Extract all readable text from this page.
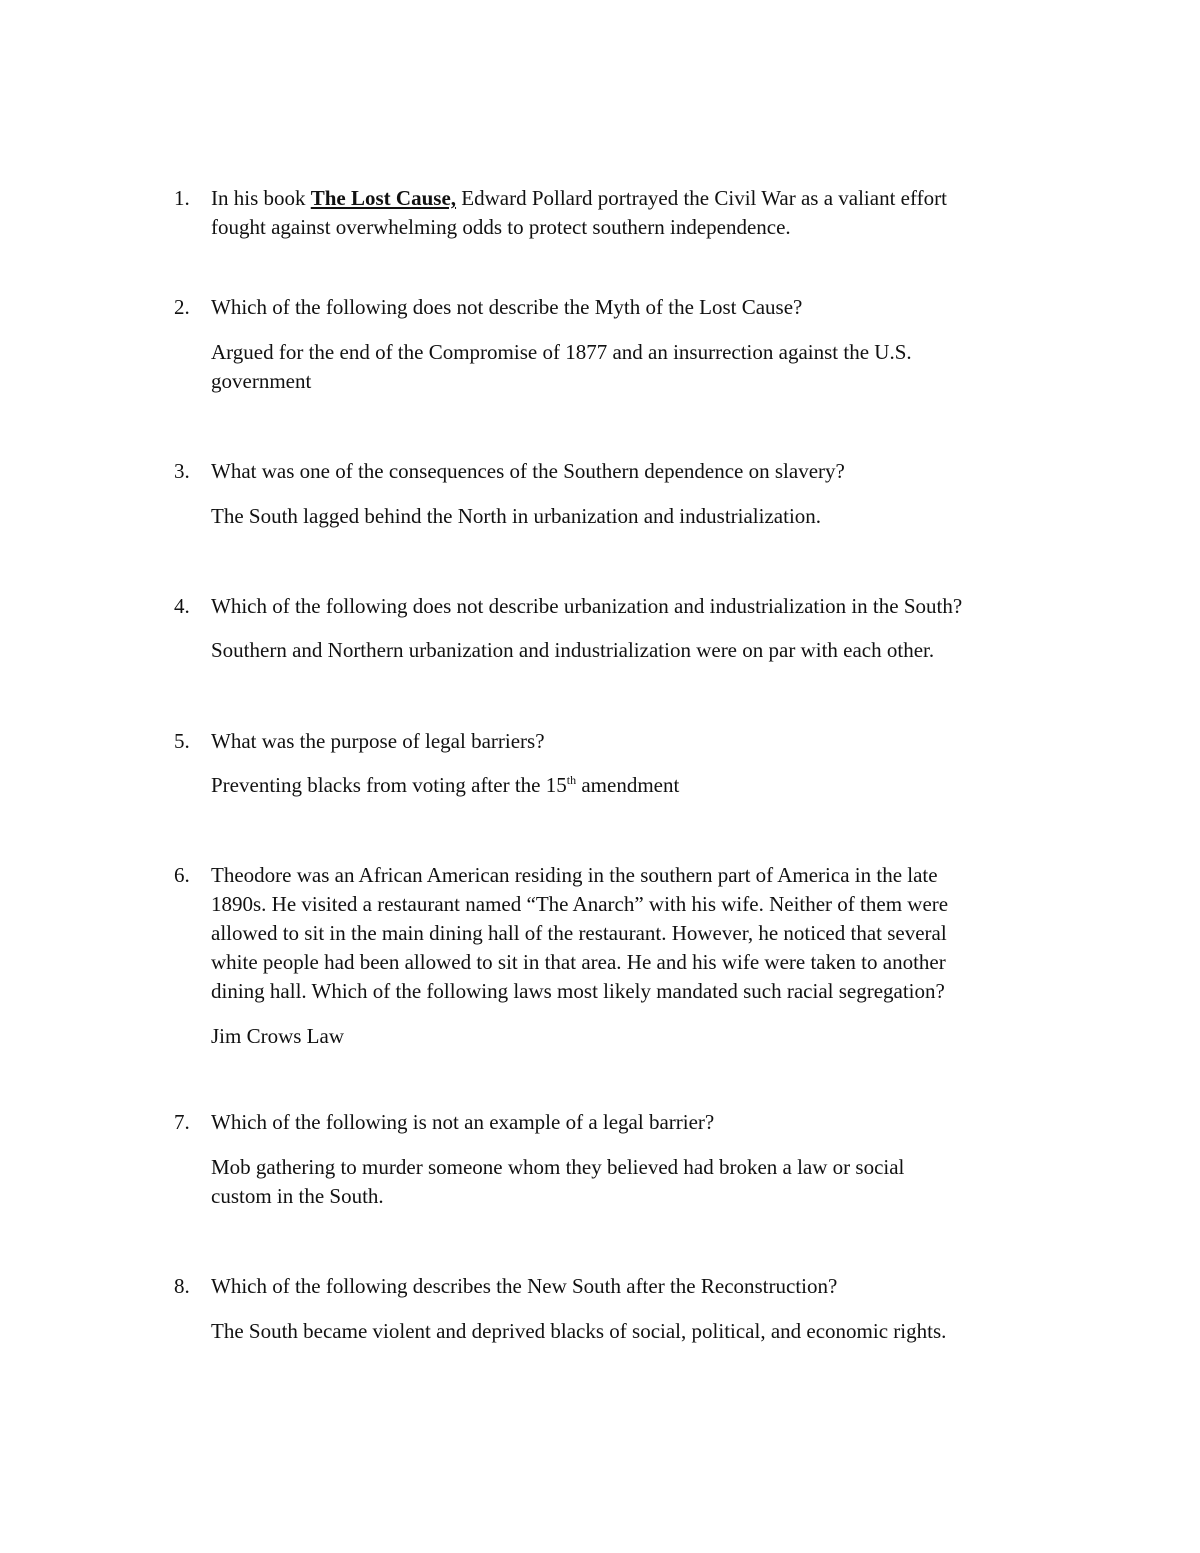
1. In his book The Lost Cause, Edward Pollard portrayed the Civil War as a valiant effort
fought against overwhelming odds to protect southern independence.
2. Which of the following does not describe the Myth of the Lost Cause?
Argued for the end of the Compromise of 1877 and an insurrection against the U.S.
government
3. What was one of the consequences of the Southern dependence on slavery?
The South lagged behind the North in urbanization and industrialization.
4. Which of the following does not describe urbanization and industrialization in the South?
Southern and Northern urbanization and industrialization were on par with each other.
5. What was the purpose of legal barriers?
Preventing blacks from voting after the 15th amendment
6. Theodore was an African American residing in the southern part of America in the late
1890s. He visited a restaurant named “The Anarch” with his wife. Neither of them were
allowed to sit in the main dining hall of the restaurant. However, he noticed that several
white people had been allowed to sit in that area. He and his wife were taken to another
dining hall. Which of the following laws most likely mandated such racial segregation?
Jim Crows Law
7. Which of the following is not an example of a legal barrier?
Mob gathering to murder someone whom they believed had broken a law or social
custom in the South.
8. Which of the following describes the New South after the Reconstruction?
The South became violent and deprived blacks of social, political, and economic rights.
